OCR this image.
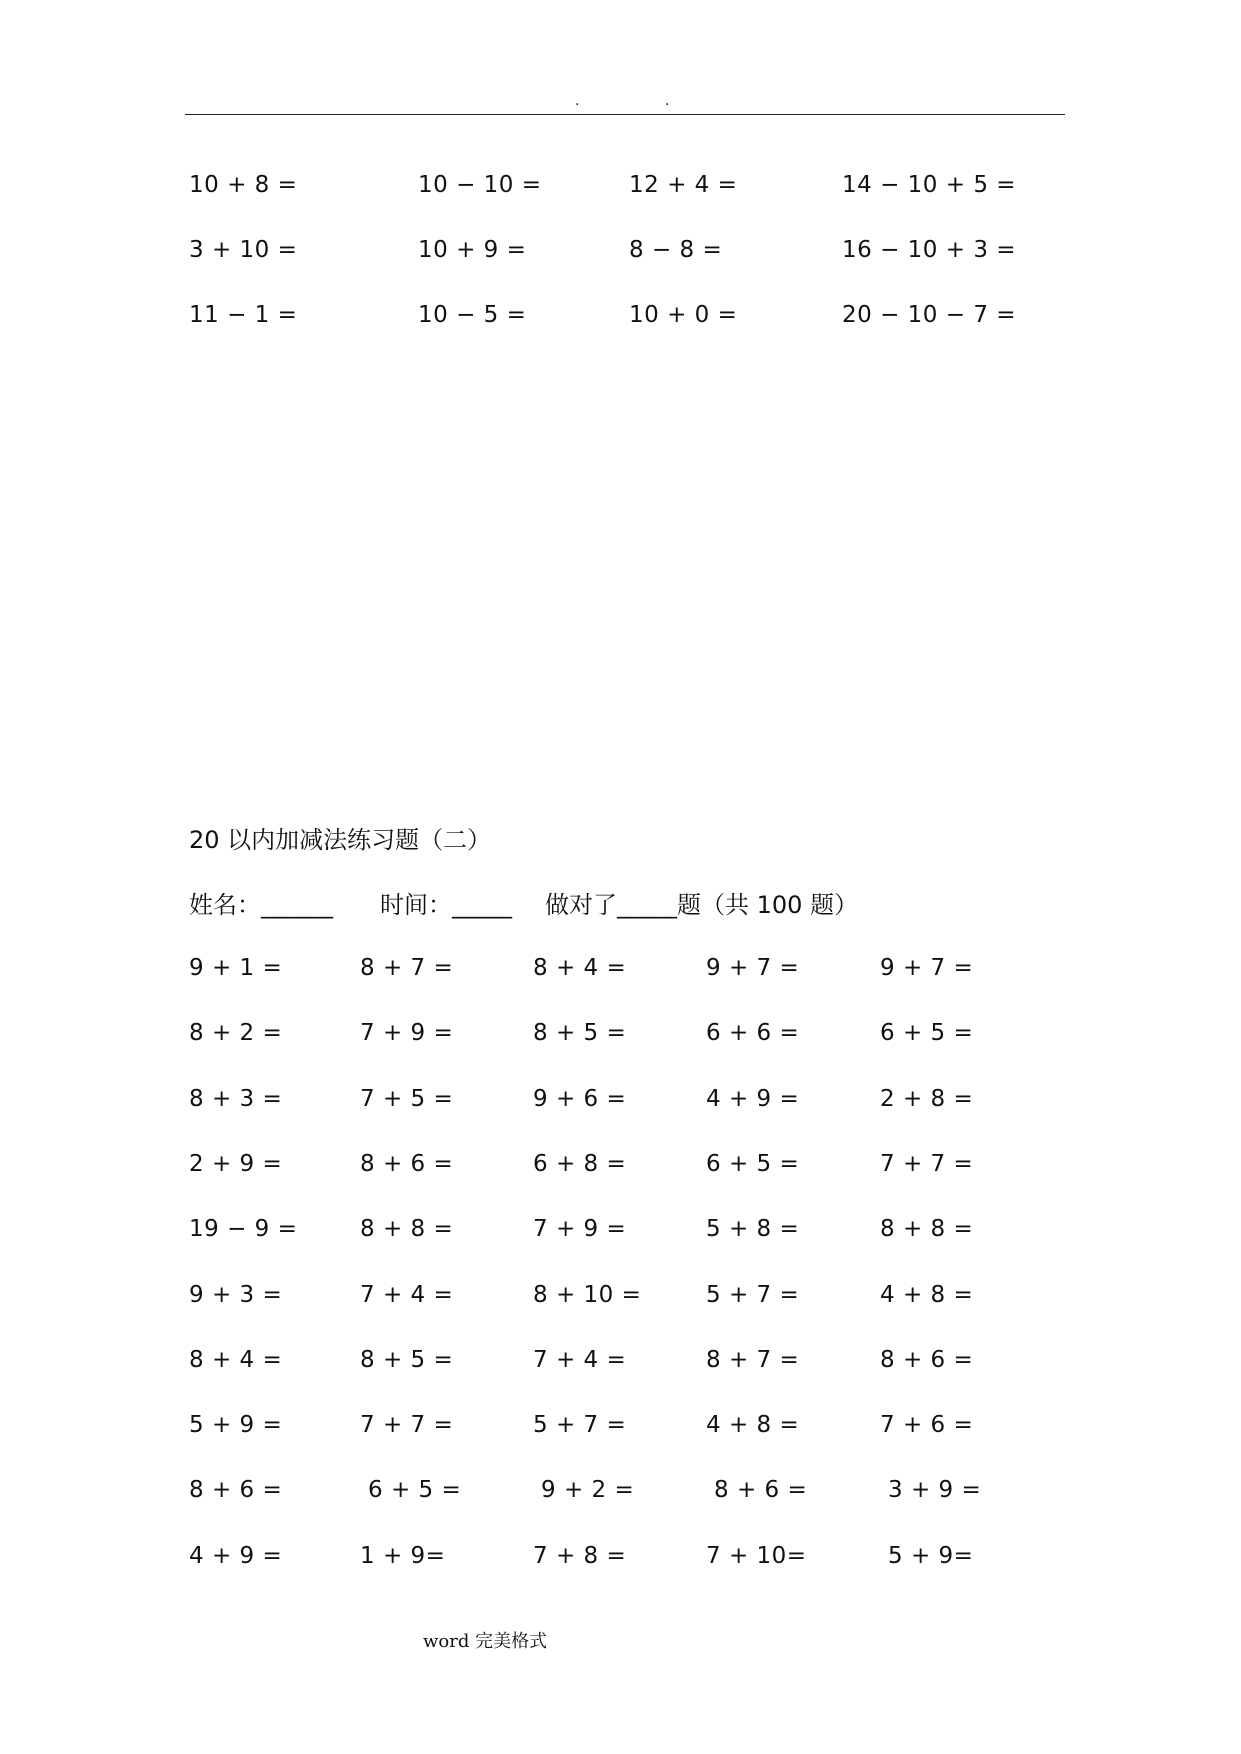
.	.
10 + 8 =	10 − 10 =	12 + 4 =	14 − 10 + 5 =
3 + 10 =	10 + 9 =	8 − 8 =	16 − 10 + 3 =
11 − 1 =	10 − 5 =	10 + 0 =	20 − 10 − 7 =
20 以内加减法练习题（二）
姓名：______ 时间：_____ 做对了_____题（共 100 题）
9 + 1 =	8 + 7 =	8 + 4 =	9 + 7 =	9 + 7 =
8 + 2 =	7 + 9 =	8 + 5 =	6 + 6 =	6 + 5 =
8 + 3 =	7 + 5 =	9 + 6 =	4 + 9 =	2 + 8 =
2 + 9 =	8 + 6 =	6 + 8 =	6 + 5 =	7 + 7 =
19 − 9 =	8 + 8 =	7 + 9 =	5 + 8 =	8 + 8 =
9 + 3 =	7 + 4 =	8 + 10 =	5 + 7 =	4 + 8 =
8 + 4 =	8 + 5 =	7 + 4 =	8 + 7 =	8 + 6 =
5 + 9 =	7 + 7 =	5 + 7 =	4 + 8 =	7 + 6 =
8 + 6 =	6 + 5 =	9 + 2 =	8 + 6 =	3 + 9 =
4 + 9 =	1 + 9=	7 + 8 =	7 + 10=	5 + 9=
word 完美格式
